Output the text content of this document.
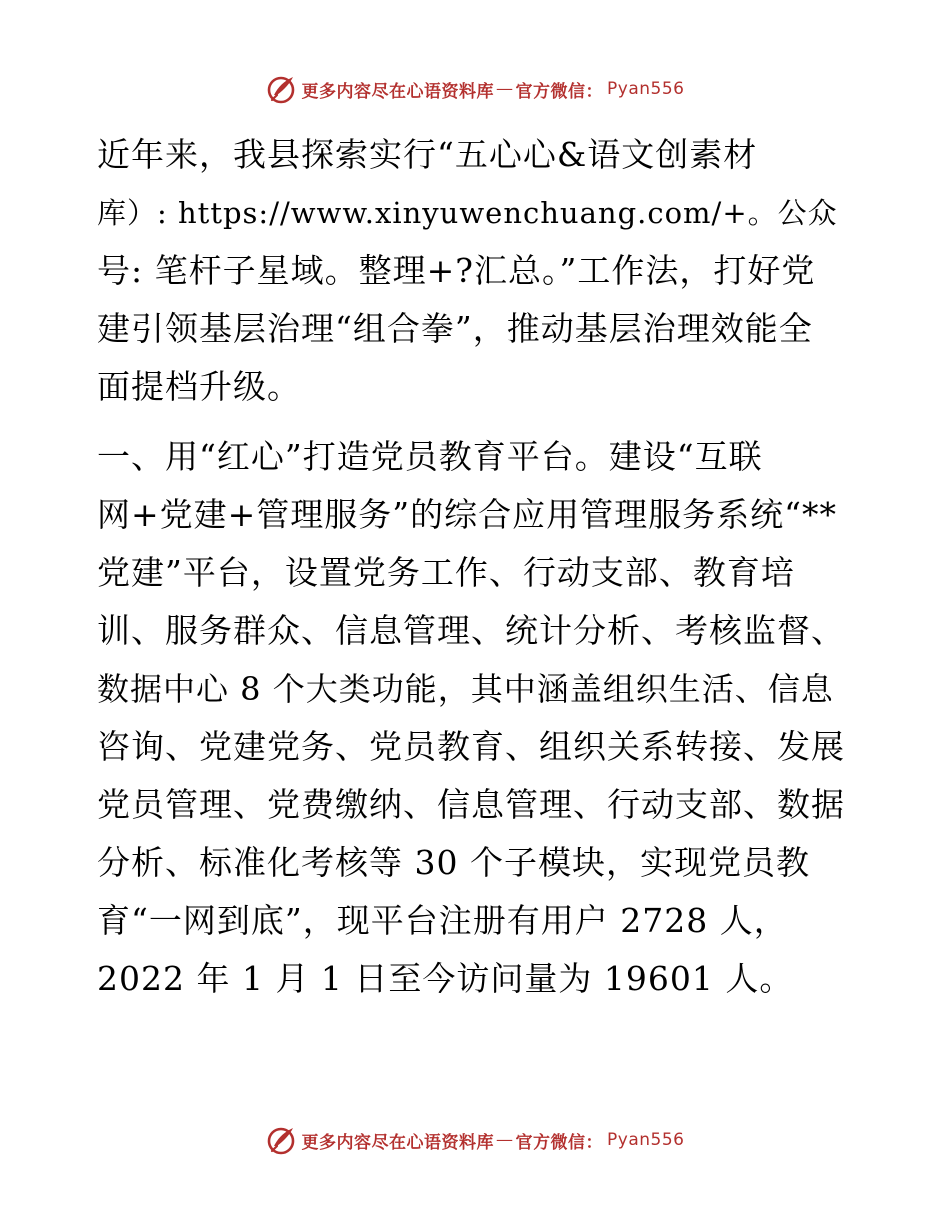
更多内容尽在心语资料库 — 官方微信： Pyan556
近年来，我县探索实行“五心心&语文创素材
库）: https://www.xinyuwenchuang.com/+。公众
号: 笔杆子星域。整理+?汇总。”工作法，打好党
建引领基层治理“组合拳”，推动基层治理效能全
面提档升级。
一、用“红心”打造党员教育平台。建设“互联
网+党建+管理服务”的综合应用管理服务系统“**
党建”平台，设置党务工作、行动支部、教育培
训、服务群众、信息管理、统计分析、考核监督、
数据中心 8 个大类功能，其中涵盖组织生活、信息
咨询、党建党务、党员教育、组织关系转接、发展
党员管理、党费缴纳、信息管理、行动支部、数据
分析、标准化考核等 30 个子模块，实现党员教
育“一网到底”，现平台注册有用户 2728 人，
2022 年 1 月 1 日至今访问量为 19601 人。
更多内容尽在心语资料库 — 官方微信： Pyan556
